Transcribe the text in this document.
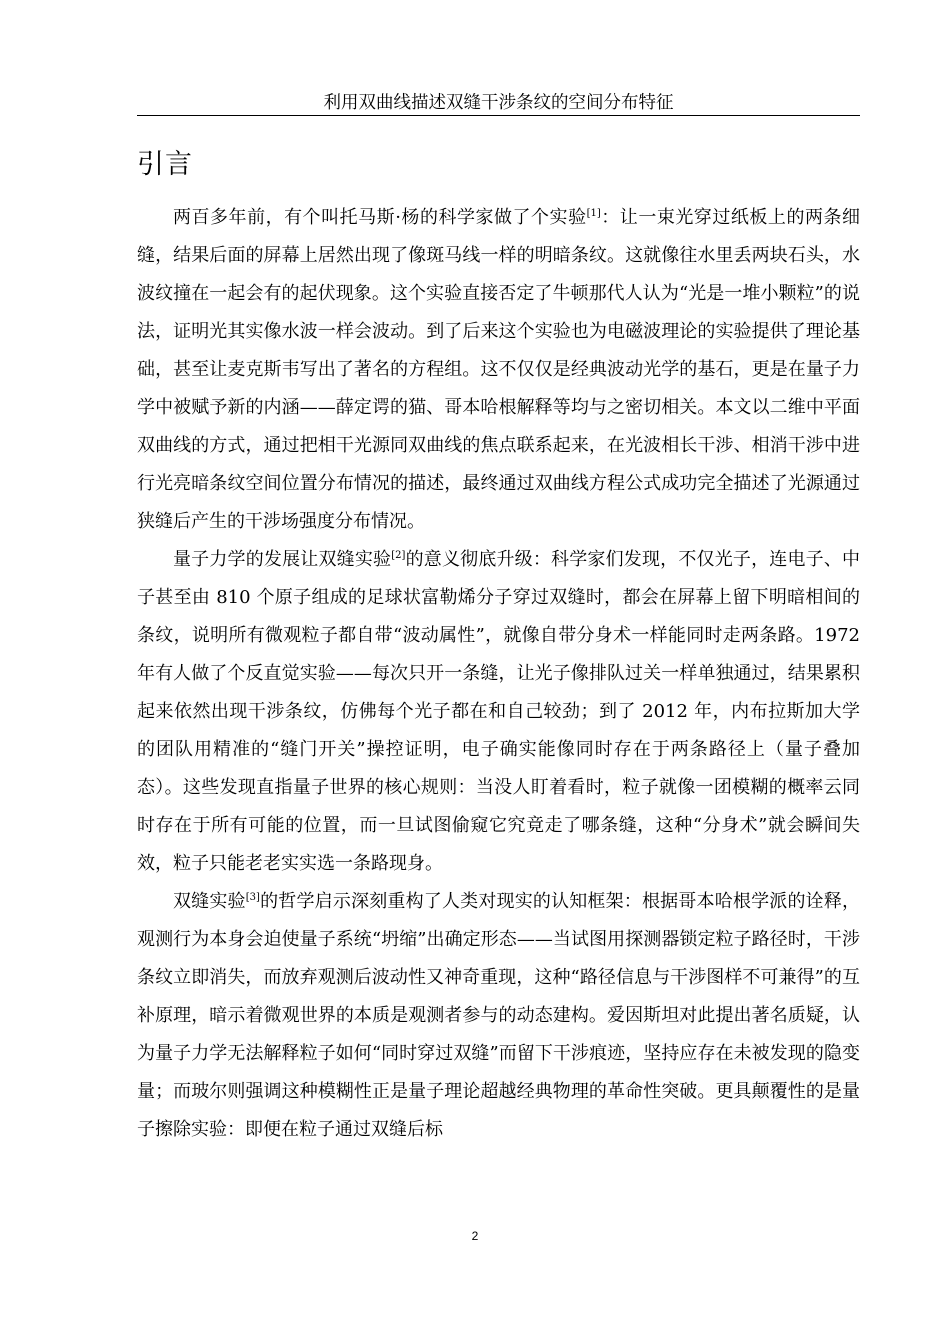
利用双曲线描述双缝干涉条纹的空间分布特征
引言

两百多年前，有个叫托马斯·杨的科学家做了个实验[1]：让一束光穿过纸板上的两条细缝，结果后面的屏幕上居然出现了像斑马线一样的明暗条纹。这就像往水里丢两块石头，水波纹撞在一起会有的起伏现象。这个实验直接否定了牛顿那代人认为“光是一堆小颗粒”的说法，证明光其实像水波一样会波动。到了后来这个实验也为电磁波理论的实验提供了理论基础，甚至让麦克斯韦写出了著名的方程组。这不仅仅是经典波动光学的基石，更是在量子力学中被赋予新的内涵——薛定谔的猫、哥本哈根解释等均与之密切相关。本文以二维中平面双曲线的方式，通过把相干光源同双曲线的焦点联系起来，在光波相长干涉、相消干涉中进行光亮暗条纹空间位置分布情况的描述，最终通过双曲线方程公式成功完全描述了光源通过狭缝后产生的干涉场强度分布情况。

量子力学的发展让双缝实验[2]的意义彻底升级：科学家们发现，不仅光子，连电子、中子甚至由 810 个原子组成的足球状富勒烯分子穿过双缝时，都会在屏幕上留下明暗相间的条纹，说明所有微观粒子都自带“波动属性”，就像自带分身术一样能同时走两条路。1972 年有人做了个反直觉实验——每次只开一条缝，让光子像排队过关一样单独通过，结果累积起来依然出现干涉条纹，仿佛每个光子都在和自己较劲；到了 2012 年，内布拉斯加大学的团队用精准的“缝门开关”操控证明，电子确实能像同时存在于两条路径上（量子叠加态）。这些发现直指量子世界的核心规则：当没人盯着看时，粒子就像一团模糊的概率云同时存在于所有可能的位置，而一旦试图偷窥它究竟走了哪条缝，这种“分身术”就会瞬间失效，粒子只能老老实实选一条路现身。

双缝实验[3]的哲学启示深刻重构了人类对现实的认知框架：根据哥本哈根学派的诠释，观测行为本身会迫使量子系统“坍缩”出确定形态——当试图用探测器锁定粒子路径时，干涉条纹立即消失，而放弃观测后波动性又神奇重现，这种“路径信息与干涉图样不可兼得”的互补原理，暗示着微观世界的本质是观测者参与的动态建构。爱因斯坦对此提出著名质疑，认为量子力学无法解释粒子如何“同时穿过双缝”而留下干涉痕迹，坚持应存在未被发现的隐变量；而玻尔则强调这种模糊性正是量子理论超越经典物理的革命性突破。更具颠覆性的是量子擦除实验：即便在粒子通过双缝后标

2
